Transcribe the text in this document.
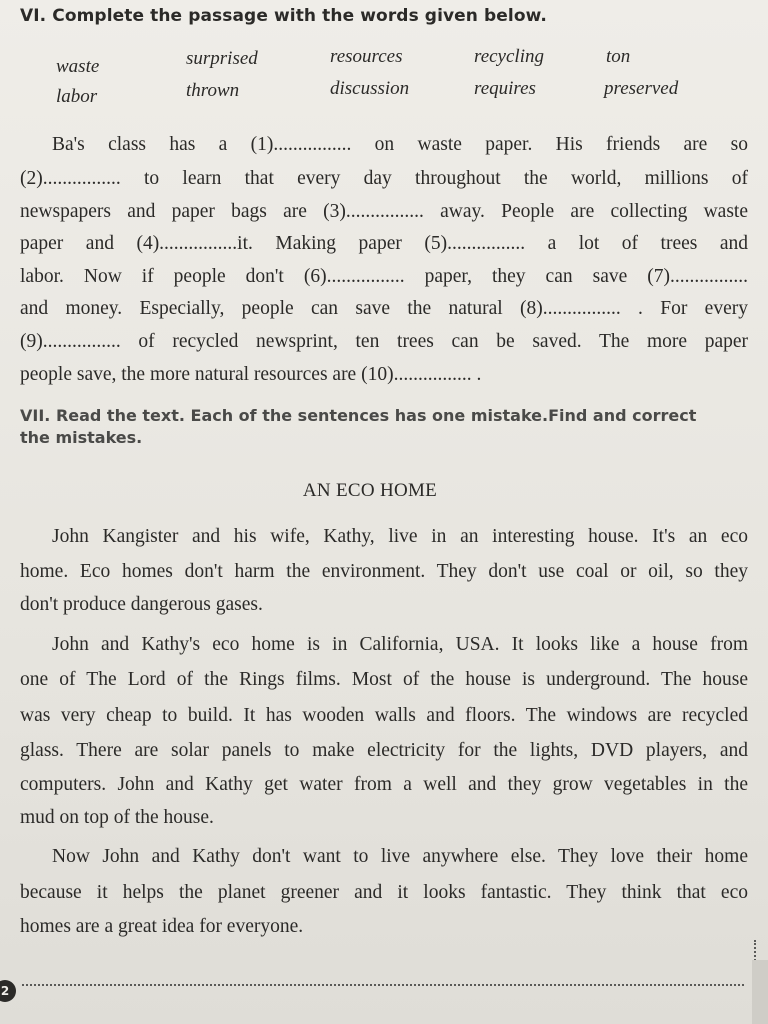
VI. Complete the passage with the words given below.
waste	surprised	resources	recycling	ton
labor	thrown	discussion	requires	preserved
Ba's class has a (1)................ on waste paper. His friends are so
(2)................ to learn that every day throughout the world, millions of
newspapers and paper bags are (3)................ away. People are collecting waste
paper and (4)................it. Making paper (5)................ a lot of trees and
labor. Now if people don't (6)................ paper, they can save (7)................
and money. Especially, people can save the natural (8)................ . For every
(9)................ of recycled newsprint, ten trees can be saved. The more paper
people save, the more natural resources are (10)................ .
VII. Read the text. Each of the sentences has one mistake.Find and correct
the mistakes.
AN ECO HOME
John Kangister and his wife, Kathy, live in an interesting house. It's an eco
home. Eco homes don't harm the environment. They don't use coal or oil, so they
don't produce dangerous gases.
John and Kathy's eco home is in California, USA. It looks like a house from
one of The Lord of the Rings films. Most of the house is underground. The house
was very cheap to build. It has wooden walls and floors. The windows are recycled
glass. There are solar panels to make electricity for the lights, DVD players, and
computers. John and Kathy get water from a well and they grow vegetables in the
mud on top of the house.
Now John and Kathy don't want to live anywhere else. They love their home
because it helps the planet greener and it looks fantastic. They think that eco
homes are a great idea for everyone.
2
